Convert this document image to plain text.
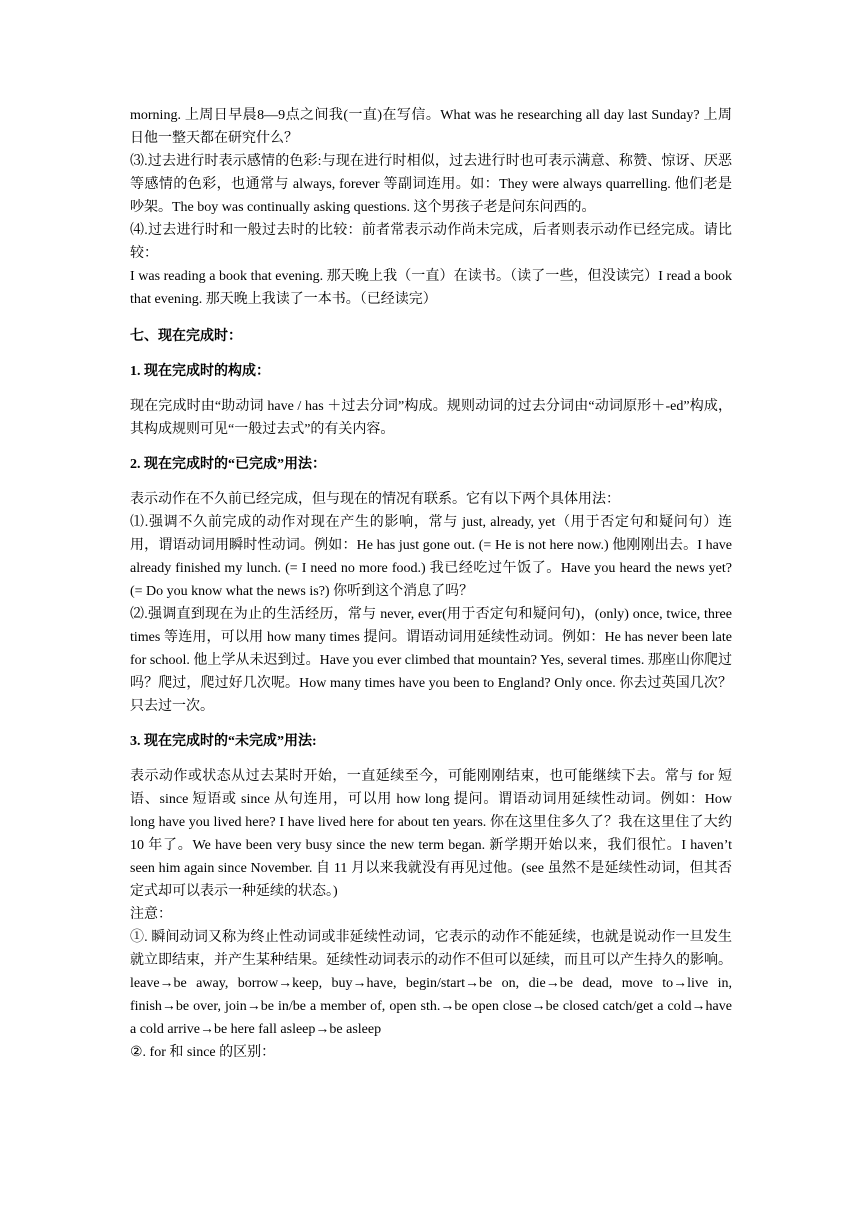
morning. 上周日早晨8—9点之间我(一直)在写信。What was he researching all day last Sunday? 上周日他一整天都在研究什么？

⑶.过去进行时表示感情的色彩:与现在进行时相似，过去进行时也可表示满意、称赞、惊讶、厌恶等感情的色彩，也通常与 always, forever 等副词连用。如：They were always quarrelling. 他们老是吵架。The boy was continually asking questions. 这个男孩子老是问东问西的。

⑷.过去进行时和一般过去时的比较：前者常表示动作尚未完成，后者则表示动作已经完成。请比较：

I was reading a book that evening. 那天晚上我（一直）在读书。（读了一些，但没读完）I read a book that evening. 那天晚上我读了一本书。（已经读完）

七、现在完成时：

1. 现在完成时的构成：

现在完成时由“助动词 have / has ＋过去分词”构成。规则动词的过去分词由“动词原形＋-ed”构成，其构成规则可见“一般过去式”的有关内容。

2. 现在完成时的“已完成”用法：

表示动作在不久前已经完成，但与现在的情况有联系。它有以下两个具体用法：

⑴.强调不久前完成的动作对现在产生的影响，常与 just, already, yet（用于否定句和疑问句）连用，谓语动词用瞬时性动词。例如：He has just gone out. (= He is not here now.) 他刚刚出去。I have already finished my lunch. (= I need no more food.) 我已经吃过午饭了。Have you heard the news yet? (= Do you know what the news is?) 你听到这个消息了吗？

⑵.强调直到现在为止的生活经历，常与 never, ever(用于否定句和疑问句)，(only) once, twice, three times 等连用，可以用 how many times 提问。谓语动词用延续性动词。例如：He has never been late for school. 他上学从未迟到过。Have you ever climbed that mountain? Yes, several times. 那座山你爬过吗？爬过，爬过好几次呢。How many times have you been to England? Only once. 你去过英国几次？只去过一次。

3. 现在完成时的“未完成”用法:

表示动作或状态从过去某时开始，一直延续至今，可能刚刚结束，也可能继续下去。常与 for 短语、since 短语或 since 从句连用，可以用 how long 提问。谓语动词用延续性动词。例如：How long have you lived here? I have lived here for about ten years. 你在这里住多久了？我在这里住了大约 10 年了。We have been very busy since the new term began. 新学期开始以来，我们很忙。I haven’t seen him again since November. 自 11 月以来我就没有再见过他。(see 虽然不是延续性动词，但其否定式却可以表示一种延续的状态。)

注意：

①. 瞬间动词又称为终止性动词或非延续性动词，它表示的动作不能延续，也就是说动作一旦发生就立即结束，并产生某种结果。延续性动词表示的动作不但可以延续，而且可以产生持久的影响。

leave→be away, borrow→keep, buy→have, begin/start→be on, die→be dead, move to→live in, finish→be over, join→be in/be a member of, open sth.→be open close→be closed catch/get a cold→have a cold arrive→be here fall asleep→be asleep

②. for 和 since 的区别：
